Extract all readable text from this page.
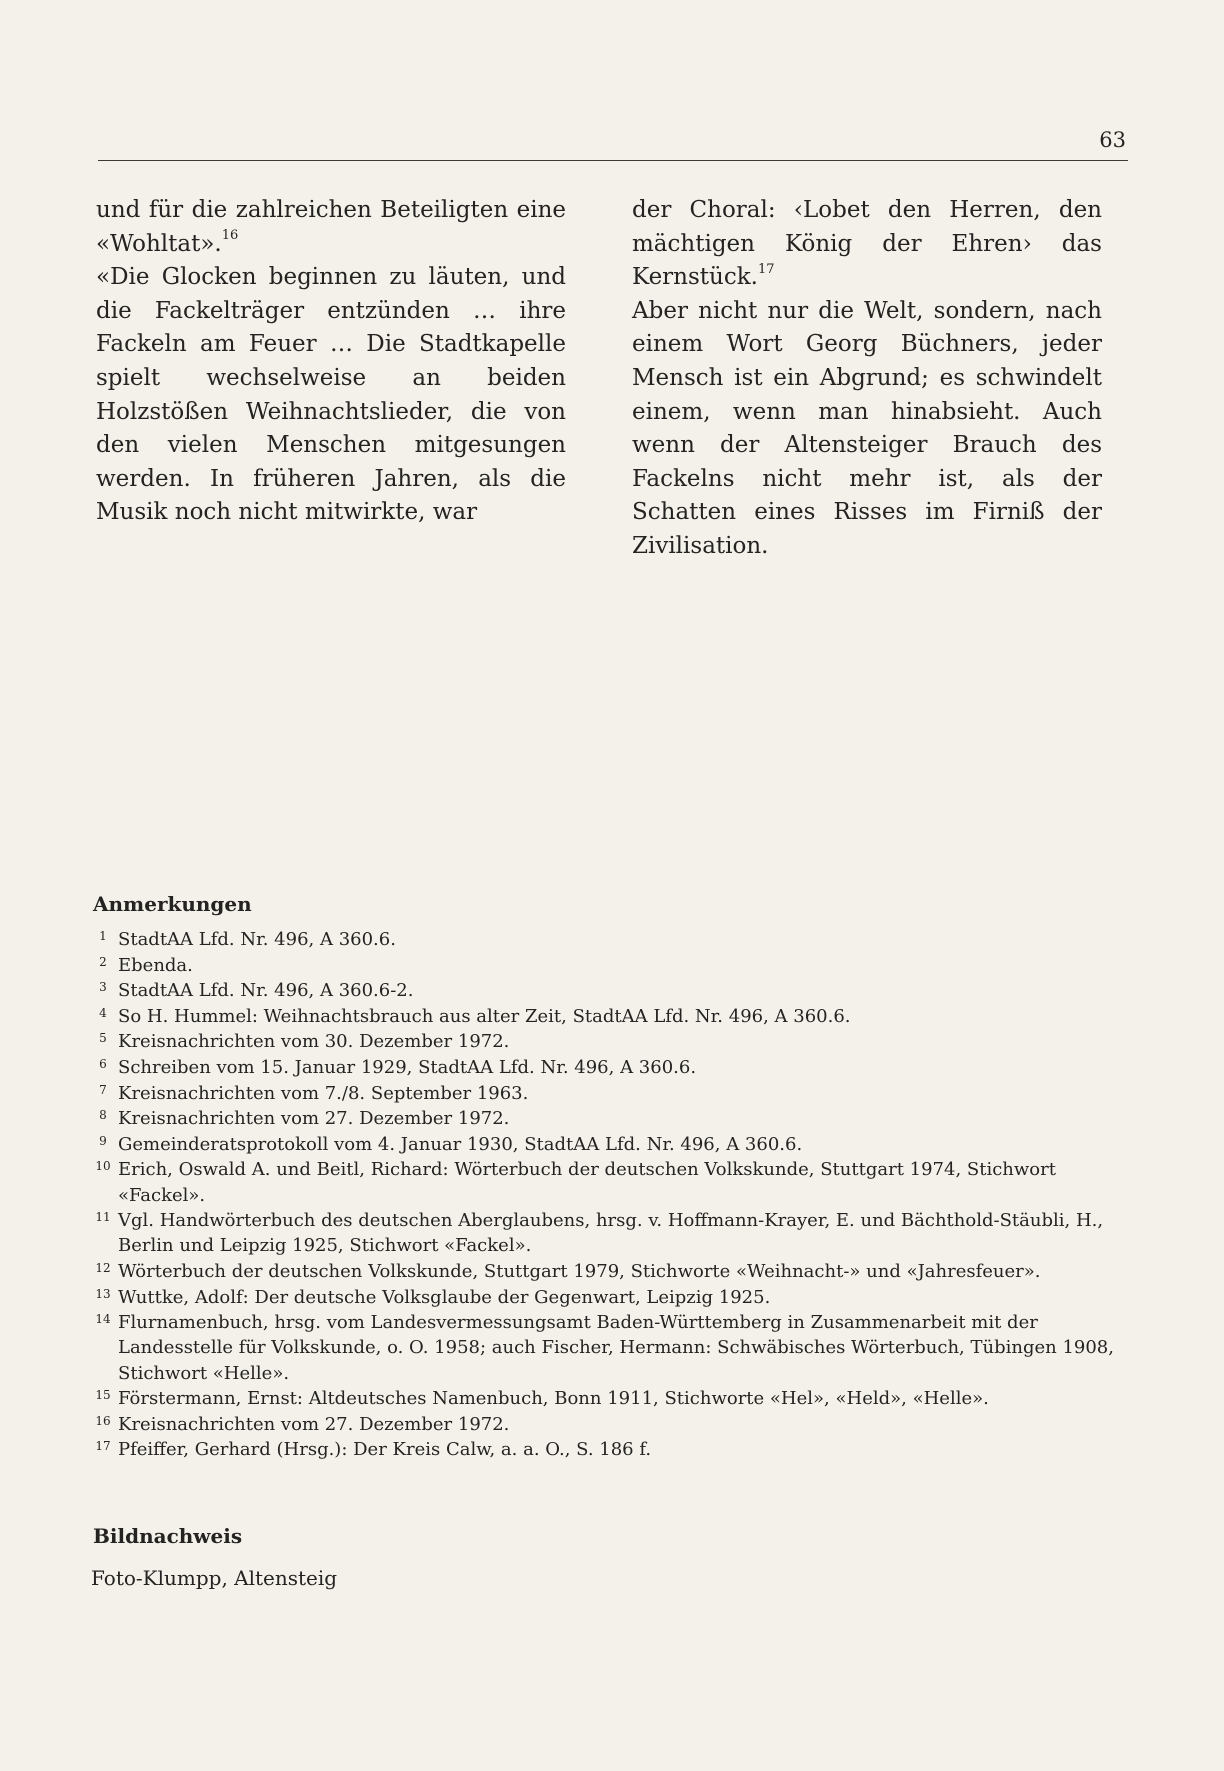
63

und für die zahlreichen Beteiligten eine «Wohltat».$^{16}$

«Die Glocken beginnen zu läuten, und die Fackelträger entzünden … ihre Fackeln am Feuer … Die Stadtkapelle spielt wechselweise an beiden Holzstößen Weihnachtslieder, die von den vielen Menschen mitgesungen werden. In früheren Jahren, als die Musik noch nicht mitwirkte, war

der Choral: ‹Lobet den Herren, den mächtigen König der Ehren› das Kernstück.$^{17}$

Aber nicht nur die Welt, sondern, nach einem Wort Georg Büchners, jeder Mensch ist ein Abgrund; es schwindelt einem, wenn man hinabsieht. Auch wenn der Altensteiger Brauch des Fackelns nicht mehr ist, als der Schatten eines Risses im Firniß der Zivilisation.

Anmerkungen
1 StadtAA Lfd. Nr. 496, A 360.6.
2 Ebenda.
3 StadtAA Lfd. Nr. 496, A 360.6-2.
4 So H. Hummel: Weihnachtsbrauch aus alter Zeit, StadtAA Lfd. Nr. 496, A 360.6.
5 Kreisnachrichten vom 30. Dezember 1972.
6 Schreiben vom 15. Januar 1929, StadtAA Lfd. Nr. 496, A 360.6.
7 Kreisnachrichten vom 7./8. September 1963.
8 Kreisnachrichten vom 27. Dezember 1972.
9 Gemeinderatsprotokoll vom 4. Januar 1930, StadtAA Lfd. Nr. 496, A 360.6.
10 Erich, Oswald A. und Beitl, Richard: Wörterbuch der deutschen Volkskunde, Stuttgart 1974, Stichwort «Fackel».
11 Vgl. Handwörterbuch des deutschen Aberglaubens, hrsg. v. Hoffmann-Krayer, E. und Bächthold-Stäubli, H., Berlin und Leipzig 1925, Stichwort «Fackel».
12 Wörterbuch der deutschen Volkskunde, Stuttgart 1979, Stichworte «Weihnacht-» und «Jahresfeuer».
13 Wuttke, Adolf: Der deutsche Volksglaube der Gegenwart, Leipzig 1925.
14 Flurnamenbuch, hrsg. vom Landesvermessungsamt Baden-Württemberg in Zusammenarbeit mit der Landesstelle für Volkskunde, o. O. 1958; auch Fischer, Hermann: Schwäbisches Wörterbuch, Tübingen 1908, Stichwort «Helle».
15 Förstermann, Ernst: Altdeutsches Namenbuch, Bonn 1911, Stichworte «Hel», «Held», «Helle».
16 Kreisnachrichten vom 27. Dezember 1972.
17 Pfeiffer, Gerhard (Hrsg.): Der Kreis Calw, a. a. O., S. 186 f.
Bildnachweis
Foto-Klumpp, Altensteig
